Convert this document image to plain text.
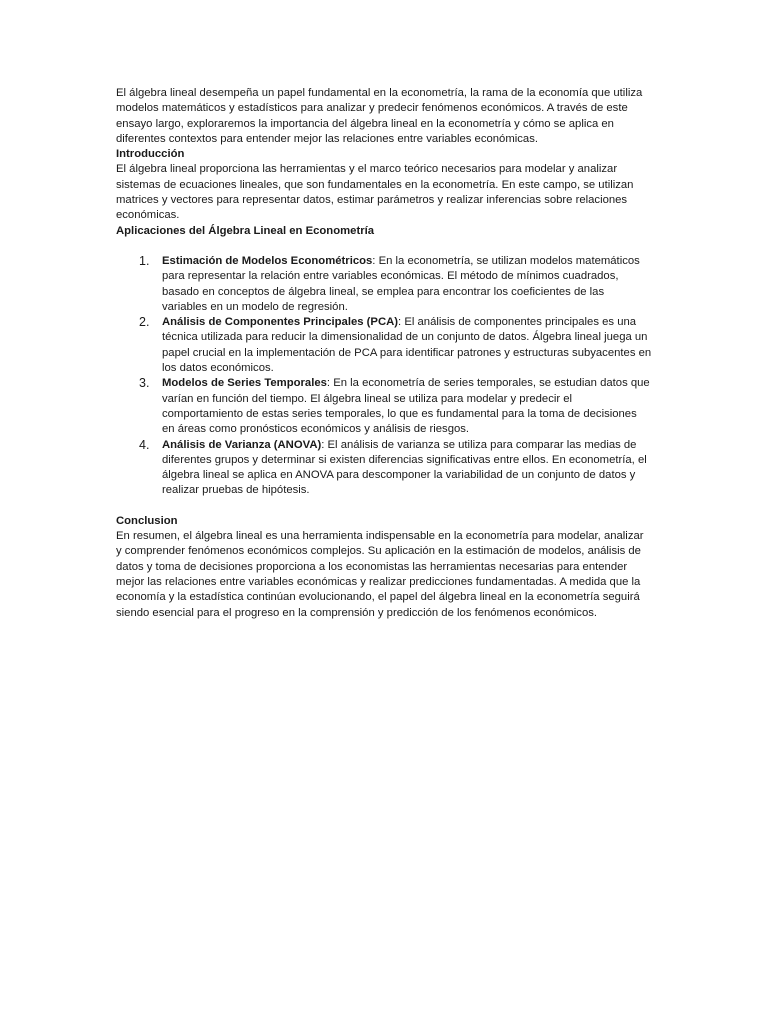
El álgebra lineal desempeña un papel fundamental en la econometría, la rama de la economía que utiliza modelos matemáticos y estadísticos para analizar y predecir fenómenos económicos. A través de este ensayo largo, exploraremos la importancia del álgebra lineal en la econometría y cómo se aplica en diferentes contextos para entender mejor las relaciones entre variables económicas.

Introducción

El álgebra lineal proporciona las herramientas y el marco teórico necesarios para modelar y analizar sistemas de ecuaciones lineales, que son fundamentales en la econometría. En este campo, se utilizan matrices y vectores para representar datos, estimar parámetros y realizar inferencias sobre relaciones económicas.

Aplicaciones del Álgebra Lineal en Econometría
1. Estimación de Modelos Econométricos: En la econometría, se utilizan modelos matemáticos para representar la relación entre variables económicas. El método de mínimos cuadrados, basado en conceptos de álgebra lineal, se emplea para encontrar los coeficientes de las variables en un modelo de regresión.
2. Análisis de Componentes Principales (PCA): El análisis de componentes principales es una técnica utilizada para reducir la dimensionalidad de un conjunto de datos. Álgebra lineal juega un papel crucial en la implementación de PCA para identificar patrones y estructuras subyacentes en los datos económicos.
3. Modelos de Series Temporales: En la econometría de series temporales, se estudian datos que varían en función del tiempo. El álgebra lineal se utiliza para modelar y predecir el comportamiento de estas series temporales, lo que es fundamental para la toma de decisiones en áreas como pronósticos económicos y análisis de riesgos.
4. Análisis de Varianza (ANOVA): El análisis de varianza se utiliza para comparar las medias de diferentes grupos y determinar si existen diferencias significativas entre ellos. En econometría, el álgebra lineal se aplica en ANOVA para descomponer la variabilidad de un conjunto de datos y realizar pruebas de hipótesis.
Conclusion

En resumen, el álgebra lineal es una herramienta indispensable en la econometría para modelar, analizar y comprender fenómenos económicos complejos. Su aplicación en la estimación de modelos, análisis de datos y toma de decisiones proporciona a los economistas las herramientas necesarias para entender mejor las relaciones entre variables económicas y realizar predicciones fundamentadas. A medida que la economía y la estadística continúan evolucionando, el papel del álgebra lineal en la econometría seguirá siendo esencial para el progreso en la comprensión y predicción de los fenómenos económicos.
